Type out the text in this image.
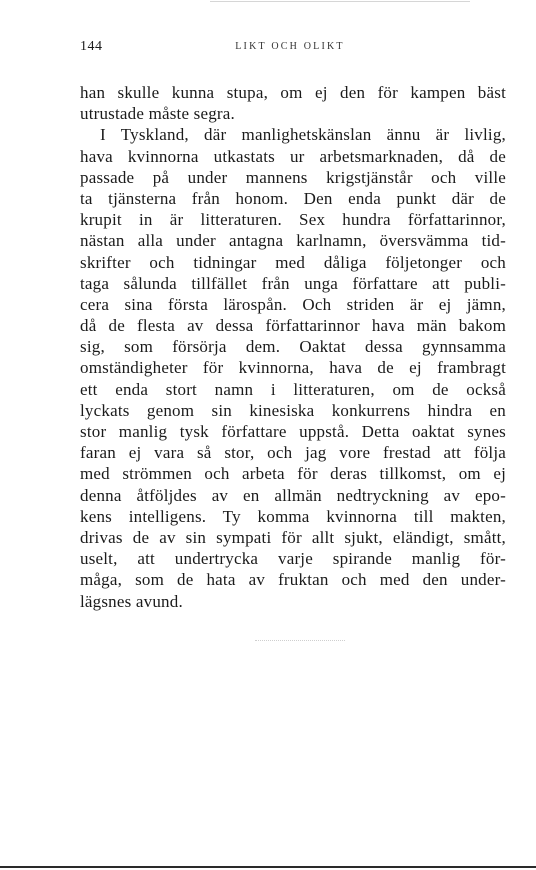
144	LIKT OCH OLIKT
han skulle kunna stupa, om ej den för kampen bäst
utrustade måste segra.
I Tyskland, där manlighetskänslan ännu är livlig,
hava kvinnorna utkastats ur arbetsmarknaden, då de
passade på under mannens krigstjänstår och ville
ta tjänsterna från honom. Den enda punkt där de
krupit in är litteraturen. Sex hundra författarinnor,
nästan alla under antagna karlnamn, översvämma tid-
skrifter och tidningar med dåliga följetonger och
taga sålunda tillfället från unga författare att publi-
cera sina första lärospån. Och striden är ej jämn,
då de flesta av dessa författarinnor hava män bakom
sig, som försörja dem. Oaktat dessa gynnsamma
omständigheter för kvinnorna, hava de ej frambragt
ett enda stort namn i litteraturen, om de också
lyckats genom sin kinesiska konkurrens hindra en
stor manlig tysk författare uppstå. Detta oaktat synes
faran ej vara så stor, och jag vore frestad att följa
med strömmen och arbeta för deras tillkomst, om ej
denna åtföljdes av en allmän nedtryckning av epo-
kens intelligens. Ty komma kvinnorna till makten,
drivas de av sin sympati för allt sjukt, eländigt, smått,
uselt, att undertrycka varje spirande manlig för-
måga, som de hata av fruktan och med den under-
lägsnes avund.
